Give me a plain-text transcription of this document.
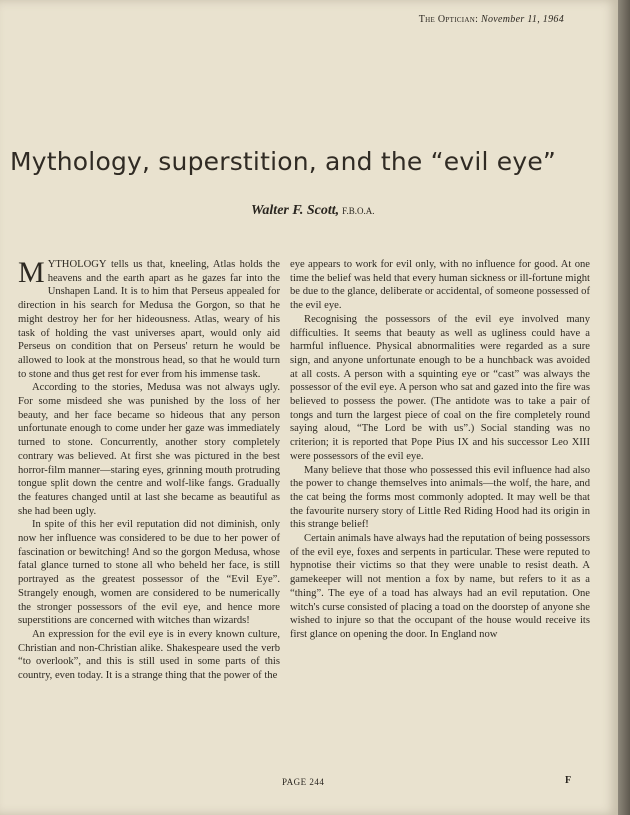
The Optician: November 11, 1964
Mythology, superstition, and the “evil eye”
Walter F. Scott, F.B.O.A.

MYTHOLOGY tells us that, kneeling, Atlas holds the heavens and the earth apart as he gazes far into the Unshapen Land. It is to him that Perseus appealed for direction in his search for Medusa the Gorgon, so that he might destroy her for her hideousness. Atlas, weary of his task of holding the vast universes apart, would only aid Perseus on condition that on Perseus' return he would be allowed to look at the monstrous head, so that he would turn to stone and thus get rest for ever from his immense task.

According to the stories, Medusa was not always ugly. For some misdeed she was punished by the loss of her beauty, and her face became so hideous that any person unfortunate enough to come under her gaze was immediately turned to stone. Concurrently, another story completely contrary was believed. At first she was pictured in the best horror-film manner—staring eyes, grinning mouth protruding tongue split down the centre and wolf-like fangs. Gradually the features changed until at last she became as beautiful as she had been ugly.

In spite of this her evil reputation did not diminish, only now her influence was considered to be due to her power of fascination or bewitching! And so the gorgon Medusa, whose fatal glance turned to stone all who beheld her face, is still portrayed as the greatest possessor of the “Evil Eye”. Strangely enough, women are considered to be numerically the stronger possessors of the evil eye, and hence more superstitions are concerned with witches than wizards!

An expression for the evil eye is in every known culture, Christian and non-Christian alike. Shakespeare used the verb “to overlook”, and this is still used in some parts of this country, even today. It is a strange thing that the power of the

eye appears to work for evil only, with no influence for good. At one time the belief was held that every human sickness or ill-fortune might be due to the glance, deliberate or accidental, of someone possessed of the evil eye.

Recognising the possessors of the evil eye involved many difficulties. It seems that beauty as well as ugliness could have a harmful influence. Physical abnormalities were regarded as a sure sign, and anyone unfortunate enough to be a hunchback was avoided at all costs. A person with a squinting eye or “cast” was always the possessor of the evil eye. A person who sat and gazed into the fire was believed to possess the power. (The antidote was to take a pair of tongs and turn the largest piece of coal on the fire completely round saying aloud, “The Lord be with us”.) Social standing was no criterion; it is reported that Pope Pius IX and his successor Leo XIII were possessors of the evil eye.

Many believe that those who possessed this evil influence had also the power to change themselves into animals—the wolf, the hare, and the cat being the forms most commonly adopted. It may well be that the favourite nursery story of Little Red Riding Hood had its origin in this strange belief!

Certain animals have always had the reputation of being possessors of the evil eye, foxes and serpents in particular. These were reputed to hypnotise their victims so that they were unable to resist death. A gamekeeper will not mention a fox by name, but refers to it as a “thing”. The eye of a toad has always had an evil reputation. One witch's curse consisted of placing a toad on the doorstep of anyone she wished to injure so that the occupant of the house would receive its first glance on opening the door. In England now

PAGE 244	F
